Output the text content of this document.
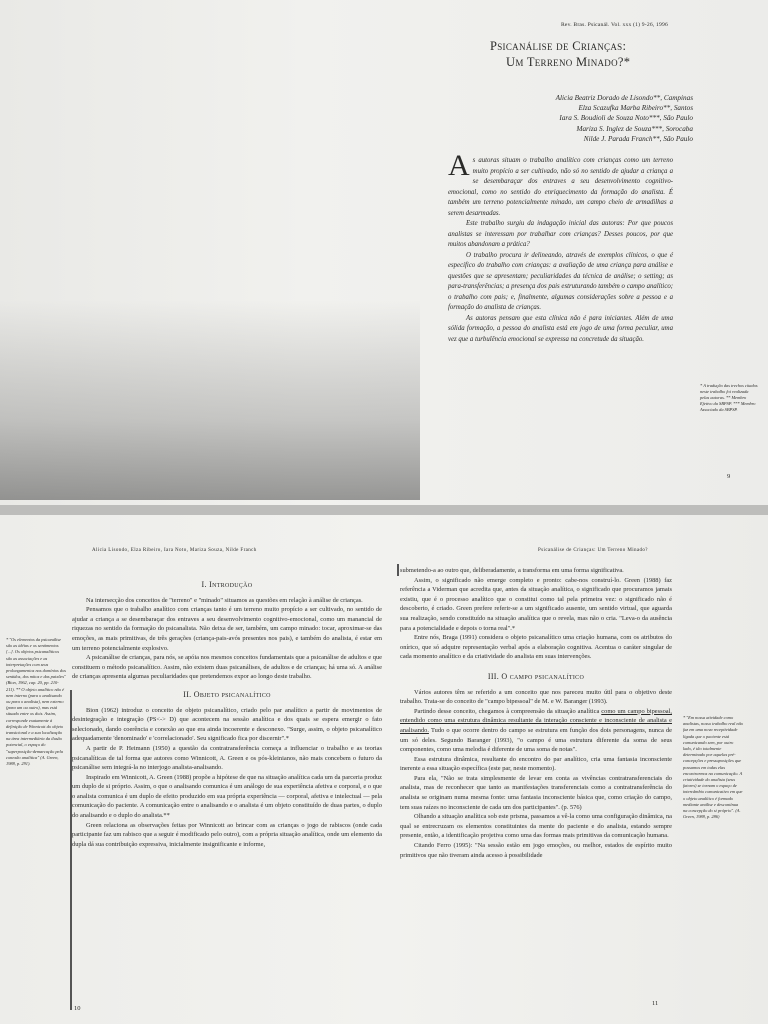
Rev. Bras. Psicanál. Vol. xxx (1) 9-26, 1996
Psicanálise de Crianças:
Um Terreno Minado?*
Alicia Beatriz Dorado de Lisondo**, Campinas
Elza Scazufka Marba Ribeiro**, Santos
Iara S. Boudioli de Souza Noto***, São Paulo
Mariza S. Inglez de Souza***, Sorocaba
Nilde J. Parada Franch**, São Paulo

As autoras situam o trabalho analítico com crianças como um terreno muito propício a ser cultivado, não só no sentido de ajudar a criança a se desembaraçar dos entraves a seu desenvolvimento cognitivo-emocional, como no sentido do enriquecimento da formação do analista. É também um terreno potencialmente minado, um campo cheio de armadilhas a serem desarmadas.

Este trabalho surgiu da indagação inicial das autoras: Por que poucos analistas se interessam por trabalhar com crianças? Desses poucos, por que muitos abandonam a prática?

O trabalho procura ir delineando, através de exemplos clínicos, o que é específico do trabalho com crianças: a avaliação de uma criança para análise e questões que se apresentam; peculiaridades da técnica de análise; o setting; as para-transferências; a presença dos pais estruturando também o campo analítico; o trabalho com pais; e, finalmente, algumas considerações sobre a pessoa e a formação do analista de crianças.

As autoras pensam que esta clínica não é para iniciantes. Além de uma sólida formação, a pessoa do analista está em jogo de uma forma peculiar, uma vez que a turbulência emocional se expressa na concretude da situação.

* A tradução das trechos citados neste trabalho foi realizada pelas autoras. ** Membro Efetivo da SBPSP. *** Membro Associado da SBPSP.
9
Alicia Lisondo, Elza Ribeiro, Iara Noto, Mariza Souza, Nilde Franch	Psicanálise de Crianças: Um Terreno Minado?

I. Introdução

Na intersecção dos conceitos de "terreno" e "minado" situamos as questões em relação à análise de crianças.

Pensamos que o trabalho analítico com crianças tanto é um terreno muito propício a ser cultivado, no sentido de ajudar a criança a se desembaraçar dos entraves a seu desenvolvimento cognitivo-emocional, como um manancial de riquezas no sentido da formação do psicanalista. Não deixa de ser, também, um campo minado: tocar, aproximar-se das emoções, as mais primitivas, de três gerações (criança-pais-avós presentes nos pais), e também do analista, é estar em um terreno potencialmente explosivo.

A psicanálise de crianças, para nós, se apóia nos mesmos conceitos fundamentais que a psicanálise de adultos e que constituem o método psicanalítico. Assim, não existem duas psicanálises, de adultos e de crianças; há uma só. A análise de crianças apresenta algumas peculiaridades que pretendemos expor ao longo deste trabalho.

II. Objeto psicanalítico

Bion (1962) introduz o conceito de objeto psicanalítico, criado pelo par analítico a partir de movimentos de desintegração e integração (PS<-> D) que acontecem na sessão analítica e dos quais se espera emergir o fato selecionado, dando coerência e conexão ao que era ainda incoerente e desconexo. "Surge, assim, o objeto psicanalítico adequadamente 'denominado' e 'correlacionado'. Seu significado fica por discernir".*

A partir de P. Heimann (1950) a questão da contratransferência começa a influenciar o trabalho e as teorias psicanalíticas de tal forma que autores como Winnicott, A. Green e os pós-kleinianos, não mais concebem o futuro da psicanálise sem integrá-la no interjogo analista-analisando.

Inspirado em Winnicott, A. Green (1988) propõe a hipótese de que na situação analítica cada um da parceria produz um duplo de si próprio. Assim, o que o analisando comunica é um análogo de sua experiência afetiva e corporal, e o que o analista comunica é um duplo de efeito produzido em sua própria experiência — corporal, afetiva e intelectual — pela comunicação do paciente. A comunicação entre o analisando e o analista é um objeto constituído de duas partes, o duplo do analisando e o duplo do analista.**

Green relaciona as observações feitas por Winnicott ao brincar com as crianças o jogo de rabiscos (onde cada participante faz um rabisco que a seguir é modificado pelo outro), com a própria situação analítica, onde um elemento da dupla dá sua contribuição expressiva, inicialmente insignificante e informe,

submetendo-a ao outro que, deliberadamente, a transforma em uma forma significativa.

Assim, o significado não emerge completo e pronto: cabe-nos construí-lo. Green (1988) faz referência a Viderman que acredita que, antes da situação analítica, o significado que procuramos jamais existiu, que é o processo analítico que o constitui como tal pela primeira vez: o significado não é descoberto, é criado. Green prefere referir-se a um significado ausente, um sentido virtual, que aguarda sua realização, sendo constituído na situação analítica que o revela, mas não o cria. "Leva-o da ausência para a potencialidade e depois o torna real".*

Entre nós, Braga (1991) considera o objeto psicanalítico uma criação humana, com os atributos do onírico, que só adquire representação verbal após a elaboração cognitiva. Acentua o caráter singular de cada momento analítico e da criatividade do analista em suas intervenções.

III. O campo psicanalítico

Vários autores têm se referido a um conceito que nos pareceu muito útil para o objetivo deste trabalho. Trata-se do conceito de "campo bipessoal" de M. e W. Baranger (1993).

Partindo desse conceito, chegamos à compreensão da situação analítica como um campo bipessoal, entendido como uma estrutura dinâmica resultante da interação consciente e inconsciente de analista e analisando. Tudo o que ocorre dentro do campo se estrutura em função dos dois personagens, nunca de um só deles. Segundo Baranger (1993), "o campo é uma estrutura diferente da soma de seus componentes, como uma melodia é diferente de uma soma de notas".

Essa estrutura dinâmica, resultante do encontro do par analítico, cria uma fantasia inconsciente inerente a essa situação específica (este par, neste momento).

Para ela, "Não se trata simplesmente de levar em conta as vivências contratransferenciais do analista, mas de reconhecer que tanto as manifestações transferenciais como a contratransferência do analista se originam numa mesma fonte: uma fantasia inconsciente básica que, como criação do campo, tem suas raízes no inconsciente de cada um dos participantes". (p. 576)

Olhando a situação analítica sob este prisma, passamos a vê-la como uma configuração dinâmica, na qual se entrecruzam os elementos constituintes da mente do paciente e do analista, estando sempre presente, então, a identificação projetiva como uma das formas mais primitivas da comunicação humana.

Citando Ferro (1995): "Na sessão estão em jogo emoções, ou melhor, estados de espírito muito primitivos que não tiveram ainda acesso à possibilidade

* "Os elementos da psicanálise são as idéias e os sentimentos [...]. Os objetos psicanalíticos são as associações e as interpretações com seus prolongamentos nos domínios dos sentidos, dos mitos e das paixões" (Bion, 1962, cap. 20, pp. 210-211). ** O objeto analítico não é nem interno (para o analisando ou para o analista), nem externo (para um ou outro), mas está situado entre os dois. Assim, corresponde exatamente à definição de Winnicott do objeto transicional e a sua localização na área intermediária da ilusão potencial, o espaço do "superposição-demarcação pela conexão analítica" (A. Green, 1988, p. 291).
* "Em nossa atividade como analistas, nosso trabalho real não faz em uma nova receptividade ligada que o paciente está comunicando sem, por outro lado, é tão totalmente determinado por aquelas pré-concepções e pressuposições que possamos em todas elas encontrarmos na comunicação. A criatividade do analista (seus fatores) se tornam o espaço de intercâmbio comunicativo em que o objeto analítico é formado mediante análise e descontínua na concepção do si próprio". (A. Green, 1988, p. 286)
10
11
